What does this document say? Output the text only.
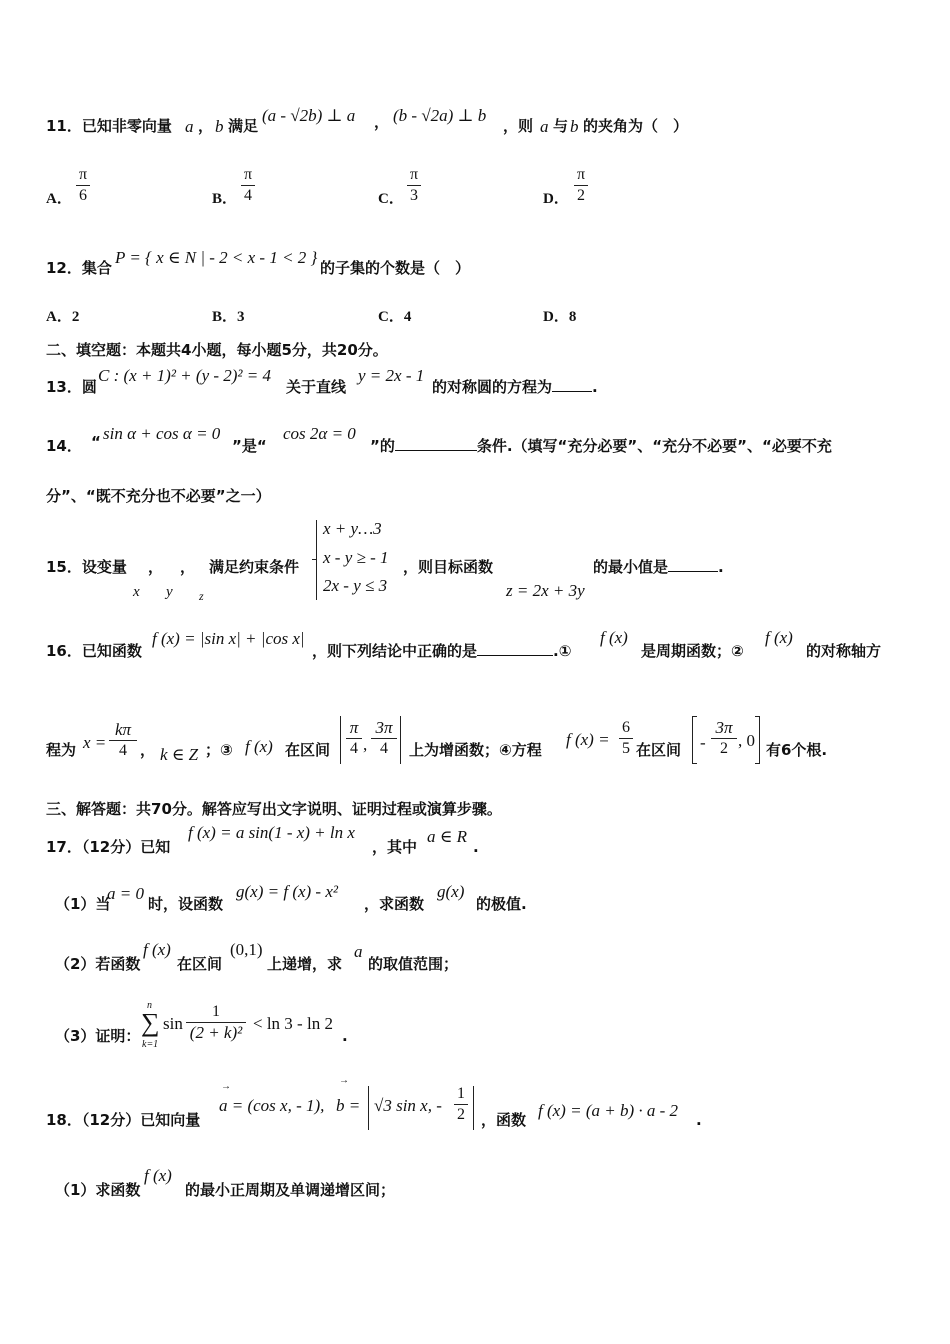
11．已知非零向量 a ， b 满足
(a - √2b) ⊥ a ， (b - √2a) ⊥ b
，则 a 与 b 的夹角为（　）
A． $\frac{\pi}{6}$	B． $\frac{\pi}{4}$	C． $\frac{\pi}{3}$	D． $\frac{\pi}{2}$
12．集合
P = { x ∈ N | - 2 < x - 1 < 2 }
的子集的个数是（　）
A．2	B．3	C．4	D．8
二、填空题：本题共4小题，每小题5分，共20分。
13．圆
C : (x + 1)² + (y - 2)² = 4
关于直线
y = 2x - 1
的对称圆的方程为	.
14． “ sin α + cos α = 0
”是“
cos 2α = 0
”的	条件.（填写“充分必要”、“充分不必要”、“必要不充
分”、“既不充分也不必要”之一）
15．设变量
x
，
y
，
z
满足约束条件
x + y…3
x - y ≥ - 1
2x - y ≤ 3
，则目标函数
z = 2x + 3y
的最小值是	.
16．已知函数
f (x) = |sin x| + |cos x|
，则下列结论中正确的是	.①
f (x)
是周期函数；②
f (x)
的对称轴方
程为 $x = \frac{k\pi}{4}$ ， k ∈ Z ；③ f (x) 在区间 $\frac{\pi}{4}$ , $\frac{3\pi}{4}$ 上为增函数；④方程
f $(x) = \frac{6}{5}$ 在区间 - $\frac{3\pi}{2}$ , 0 有6个根.
三、解答题：共70分。解答应写出文字说明、证明过程或演算步骤。
17．（12分）已知
f (x) = a sin(1 - x) + ln x
，其中
a ∈ R
.
（1）当
a = 0
时，设函数
g(x) = f (x) - x²
，求函数
g(x)
的极值.
（2）若函数
f (x)
在区间
(0,1)
上递增，求
a
的取值范围；
（3）证明：
n
∑
k=1
$\sin \frac{1}{\text{(2 + k)²}} < \ln 3 - \ln 2$
.
18．（12分）已知向量
→
a = (cos x, - 1),
→
b = √3 sin x, - $\frac{1}{2}$ ，函数 f (x) = (a + b) · a - 2 .
（1）求函数
f (x)
的最小正周期及单调递增区间；
